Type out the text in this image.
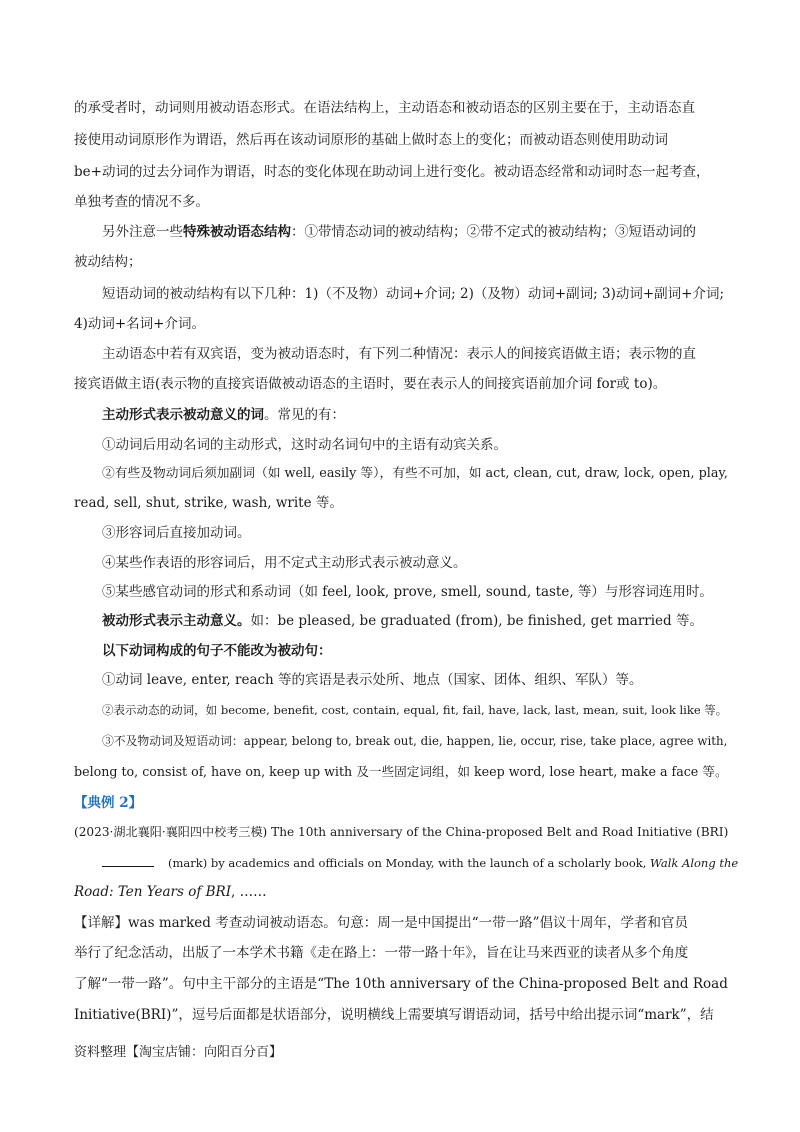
的承受者时，动词则用被动语态形式。在语法结构上，主动语态和被动语态的区别主要在于，主动语态直
接使用动词原形作为谓语，然后再在该动词原形的基础上做时态上的变化；而被动语态则使用助动词
be+动词的过去分词作为谓语，时态的变化体现在助动词上进行变化。被动语态经常和动词时态一起考查，
单独考查的情况不多。
另外注意一些特殊被动语态结构：①带情态动词的被动结构；②带不定式的被动结构；③短语动词的
被动结构；
短语动词的被动结构有以下几种：1)（不及物）动词+介词; 2)（及物）动词+副词; 3)动词+副词+介词;
4)动词+名词+介词。
主动语态中若有双宾语，变为被动语态时，有下列二种情况：表示人的间接宾语做主语；表示物的直
接宾语做主语(表示物的直接宾语做被动语态的主语时，要在表示人的间接宾语前加介词 for或 to)。
主动形式表示被动意义的词。常见的有：
①动词后用动名词的主动形式，这时动名词句中的主语有动宾关系。
②有些及物动词后须加副词（如 well, easily 等），有些不可加，如 act, clean, cut, draw, lock, open, play,
read, sell, shut, strike, wash, write 等。
③形容词后直接加动词。
④某些作表语的形容词后，用不定式主动形式表示被动意义。
⑤某些感官动词的形式和系动词（如 feel, look, prove, smell, sound, taste, 等）与形容词连用时。
被动形式表示主动意义。如：be pleased, be graduated (from), be finished, get married 等。
以下动词构成的句子不能改为被动句：
①动词 leave, enter, reach 等的宾语是表示处所、地点（国家、团体、组织、军队）等。
②表示动态的动词，如 become, benefit, cost, contain, equal, fit, fail, have, lack, last, mean, suit, look like 等。
③不及物动词及短语动词：appear, belong to, break out, die, happen, lie, occur, rise, take place, agree with,
belong to, consist of, have on, keep up with 及一些固定词组，如 keep word, lose heart, make a face 等。
【典例 2】
(2023·湖北襄阳·襄阳四中校考三模) The 10th anniversary of the China-proposed Belt and Road Initiative (BRI)
(mark) by academics and officials on Monday, with the launch of a scholarly book, Walk Along the
Road: Ten Years of BRI, ……
【详解】was marked 考查动词被动语态。句意：周一是中国提出“一带一路”倡议十周年，学者和官员
举行了纪念活动，出版了一本学术书籍《走在路上：一带一路十年》，旨在让马来西亚的读者从多个角度
了解“一带一路”。句中主干部分的主语是“The 10th anniversary of the China-proposed Belt and Road
Initiative(BRI)”，逗号后面都是状语部分，说明横线上需要填写谓语动词，括号中给出提示词“mark”，结
资料整理【淘宝店铺：向阳百分百】
